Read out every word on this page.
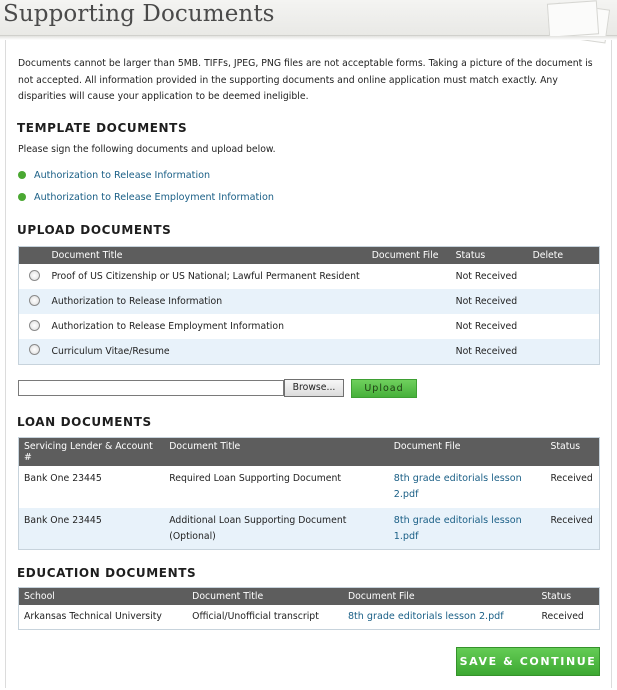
Supporting Documents
Documents cannot be larger than 5MB. TIFFs, JPEG, PNG files are not acceptable forms. Taking a picture of the document is not accepted. All information provided in the supporting documents and online application must match exactly. Any disparities will cause your application to be deemed ineligible.
TEMPLATE DOCUMENTS
Please sign the following documents and upload below.
Authorization to Release Information
Authorization to Release Employment Information
UPLOAD DOCUMENTS
	Document Title	Document File	Status	Delete
	Proof of US Citizenship or US National; Lawful Permanent Resident		Not Received	
	Authorization to Release Information		Not Received	
	Authorization to Release Employment Information		Not Received	
	Curriculum Vitae/Resume		Not Received	
Browse...	Upload
LOAN DOCUMENTS
Servicing Lender & Account #	Document Title	Document File	Status
Bank One 23445	Required Loan Supporting Document	8th grade editorials lesson 2.pdf	Received
Bank One 23445	Additional Loan Supporting Document (Optional)	8th grade editorials lesson 1.pdf	Received
EDUCATION DOCUMENTS
School	Document Title	Document File	Status
Arkansas Technical University	Official/Unofficial transcript	8th grade editorials lesson 2.pdf	Received
SAVE & CONTINUE
